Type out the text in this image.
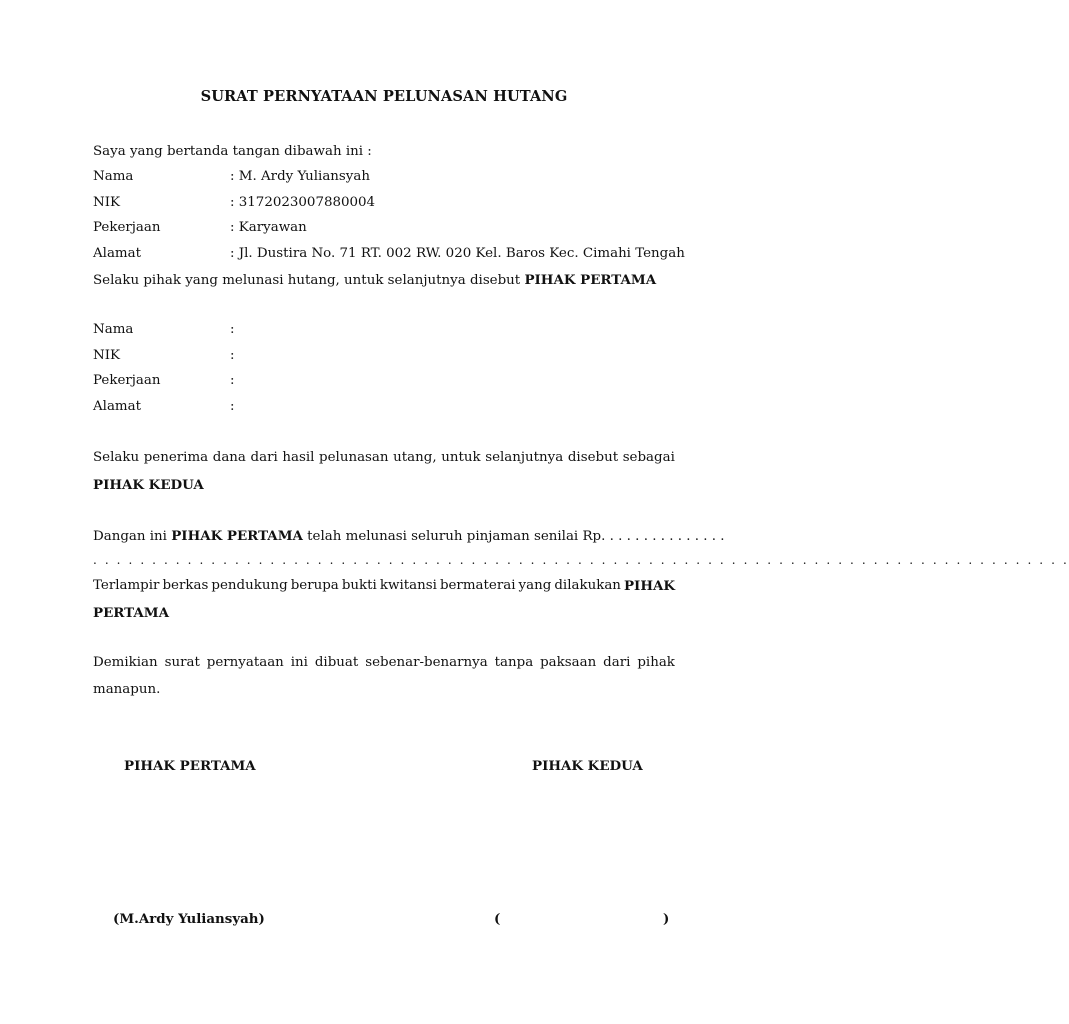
SURAT PERNYATAAN PELUNASAN HUTANG
Saya yang bertanda tangan dibawah ini :
Nama	: M. Ardy Yuliansyah
NIK	: 3172023007880004
Pekerjaan	: Karyawan
Alamat	: Jl. Dustira No. 71 RT. 002 RW. 020 Kel. Baros Kec. Cimahi Tengah
Selaku pihak yang melunasi hutang, untuk selanjutnya disebut PIHAK PERTAMA
Nama	:
NIK	:
Pekerjaan	:
Alamat	:
Selaku penerima dana dari hasil pelunasan utang, untuk selanjutnya disebut sebagai
PIHAK KEDUA
Dangan ini PIHAK PERTAMA telah melunasi seluruh pinjaman senilai Rp. . . . . . . . . . . . . . .
. . . . . . . . . . . . . . . . . . . . . . . . . . . . . . . . . . . . . . . . . . . . . . . . . . . . . . . . . . . . . . . . . . . . . . . . . . . . . . . . . . .
Terlampir berkas pendukung berupa bukti kwitansi bermaterai yang dilakukan PIHAK
PERTAMA
Demikian surat pernyataan ini dibuat sebenar-benarnya tanpa paksaan dari pihak
manapun.
PIHAK PERTAMA	PIHAK KEDUA
(M.Ardy Yuliansyah)	(	)
